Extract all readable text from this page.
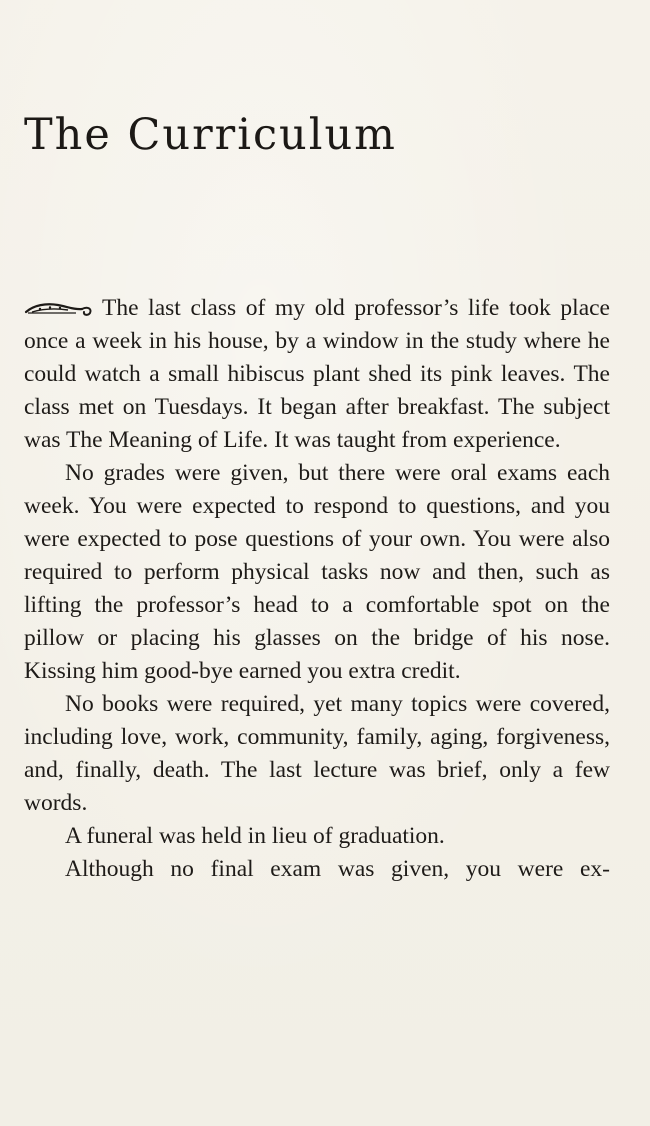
The Curriculum

The last class of my old professor’s life took place once a week in his house, by a window in the study where he could watch a small hibiscus plant shed its pink leaves. The class met on Tuesdays. It began after breakfast. The subject was The Meaning of Life. It was taught from experience.

No grades were given, but there were oral exams each week. You were expected to respond to questions, and you were expected to pose questions of your own. You were also required to perform physical tasks now and then, such as lifting the professor’s head to a comfortable spot on the pillow or placing his glasses on the bridge of his nose. Kissing him good-bye earned you extra credit.

No books were required, yet many topics were covered, including love, work, community, family, aging, forgiveness, and, finally, death. The last lecture was brief, only a few words.

A funeral was held in lieu of graduation.

Although no final exam was given, you were ex-
